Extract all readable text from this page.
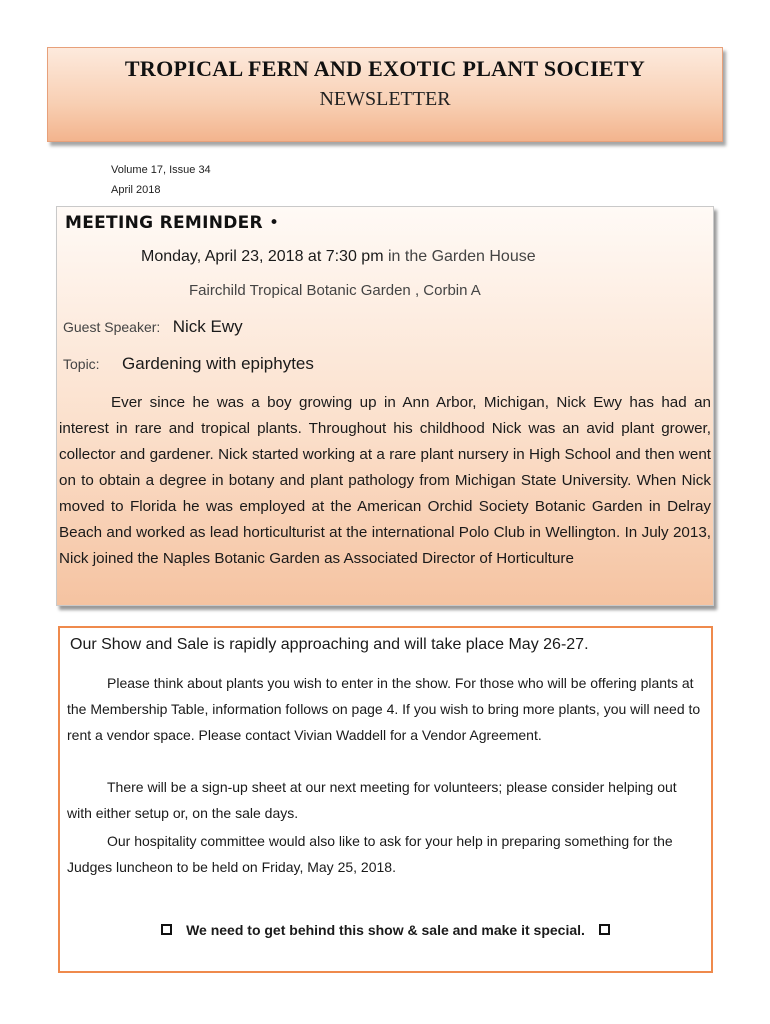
TROPICAL FERN AND EXOTIC PLANT SOCIETY
NEWSLETTER
Volume 17, Issue 34
April 2018
MEETING REMINDER •
Monday, April 23, 2018 at 7:30 pm in the Garden House
Fairchild Tropical Botanic Garden , Corbin A
Guest Speaker: Nick Ewy
Topic: Gardening with epiphytes
Ever since he was a boy growing up in Ann Arbor, Michigan, Nick Ewy has had an interest in rare and tropical plants. Throughout his childhood Nick was an avid plant grower, collector and gardener. Nick started working at a rare plant nursery in High School and then went on to obtain a degree in botany and plant pathology from Michigan State University. When Nick moved to Florida he was employed at the American Orchid Society Botanic Garden in Delray Beach and worked as lead horticulturist at the international Polo Club in Wellington. In July 2013, Nick joined the Naples Botanic Garden as Associated Director of Horticulture
Our Show and Sale is rapidly approaching and will take place May 26-27.

Please think about plants you wish to enter in the show. For those who will be offering plants at the Membership Table, information follows on page 4. If you wish to bring more plants, you will need to rent a vendor space. Please contact Vivian Waddell for a Vendor Agreement.

There will be a sign-up sheet at our next meeting for volunteers; please consider helping out with either setup or, on the sale days.

Our hospitality committee would also like to ask for your help in preparing something for the Judges luncheon to be held on Friday, May 25, 2018.

We need to get behind this show & sale and make it special.
